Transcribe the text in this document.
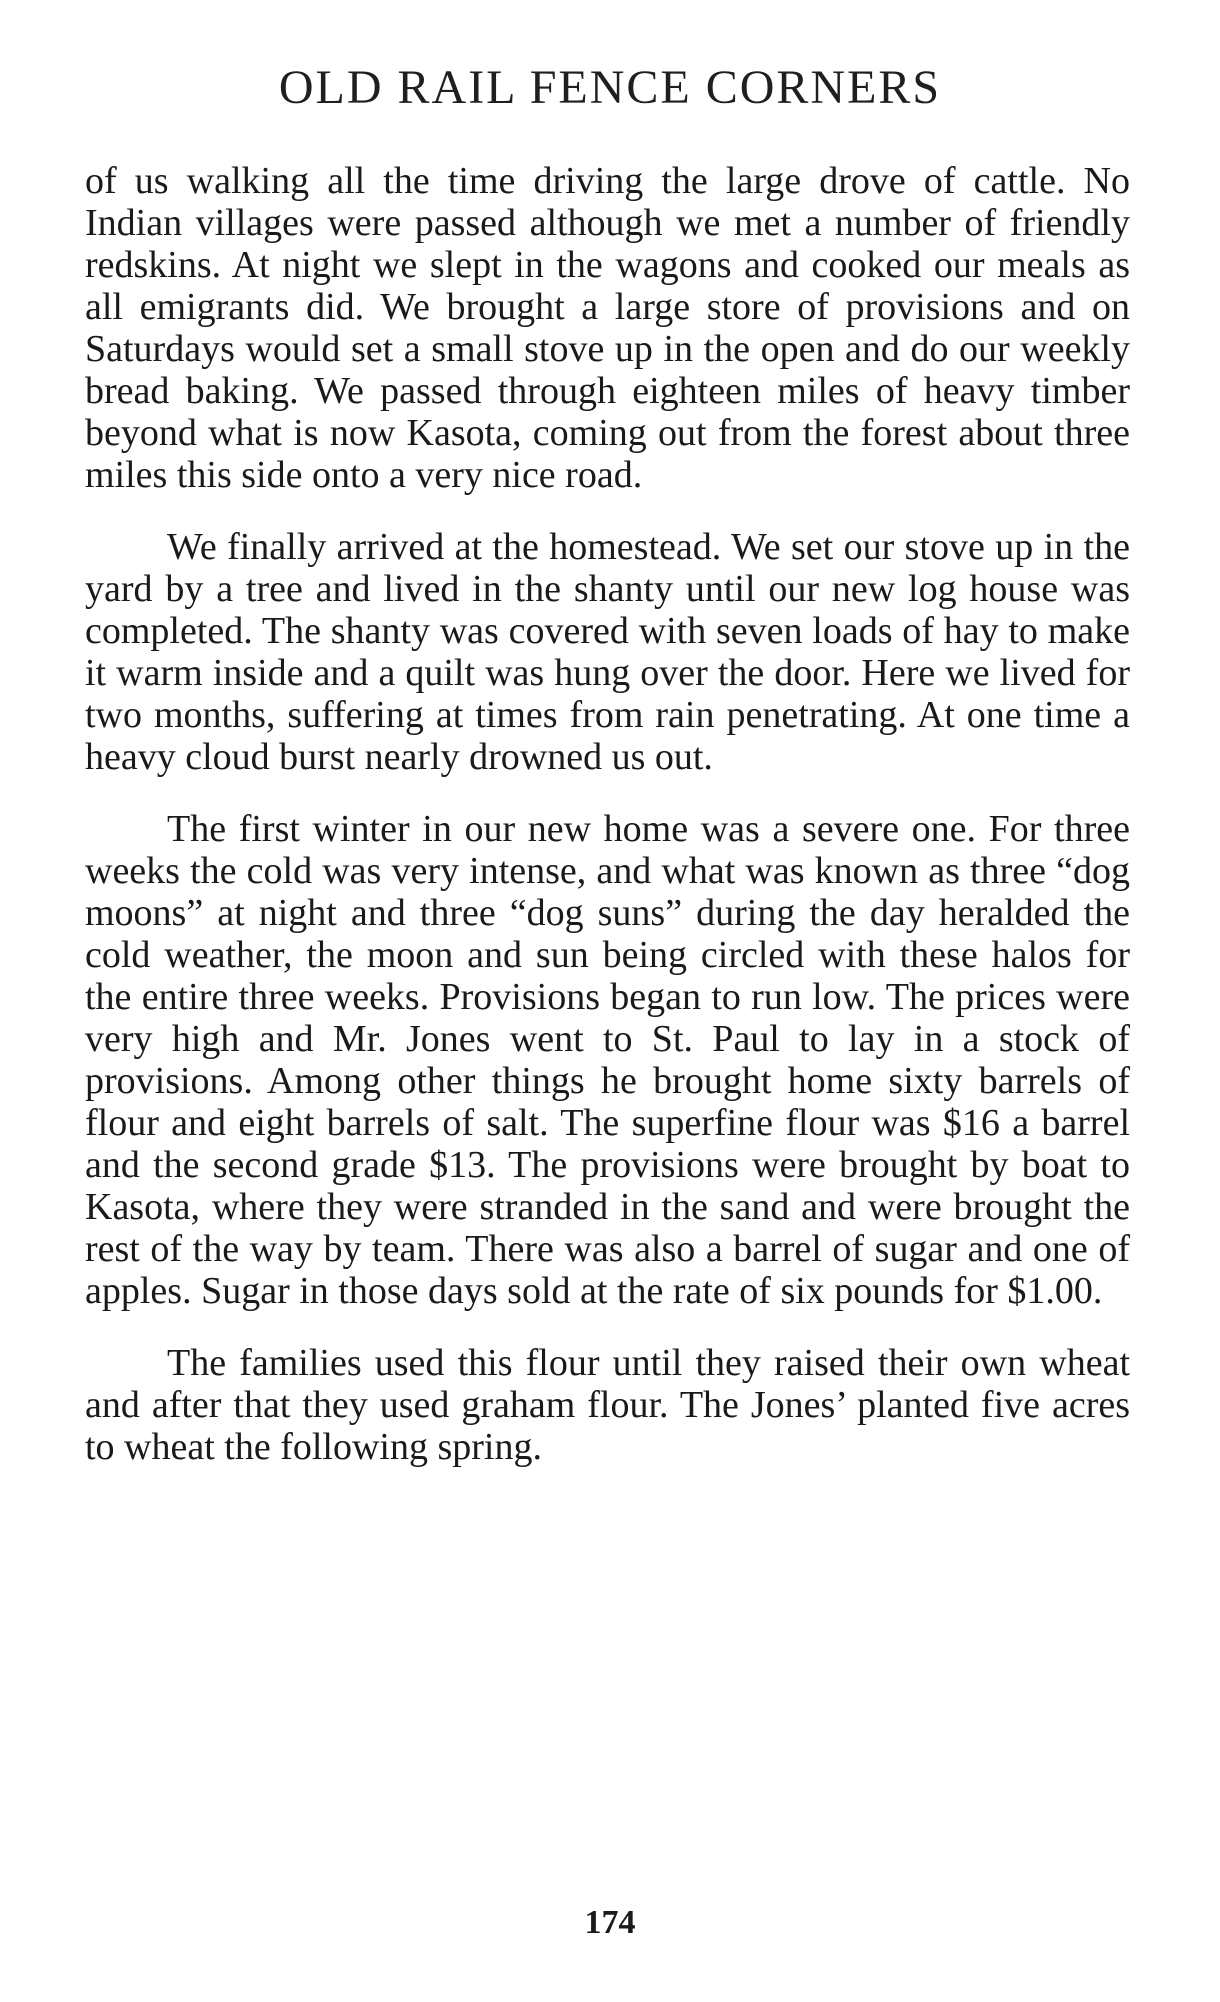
OLD RAIL FENCE CORNERS

of us walking all the time driving the large drove of cattle. No Indian villages were passed although we met a number of friendly redskins. At night we slept in the wagons and cooked our meals as all emigrants did. We brought a large store of provisions and on Saturdays would set a small stove up in the open and do our weekly bread baking. We passed through eighteen miles of heavy timber beyond what is now Kasota, coming out from the forest about three miles this side onto a very nice road.

We finally arrived at the homestead. We set our stove up in the yard by a tree and lived in the shanty until our new log house was completed. The shanty was covered with seven loads of hay to make it warm inside and a quilt was hung over the door. Here we lived for two months, suffering at times from rain penetrating. At one time a heavy cloud burst nearly drowned us out.

The first winter in our new home was a severe one. For three weeks the cold was very intense, and what was known as three “dog moons” at night and three “dog suns” during the day heralded the cold weather, the moon and sun being circled with these halos for the entire three weeks. Provisions began to run low. The prices were very high and Mr. Jones went to St. Paul to lay in a stock of provisions. Among other things he brought home sixty barrels of flour and eight barrels of salt. The superfine flour was $16 a barrel and the second grade $13. The provisions were brought by boat to Kasota, where they were stranded in the sand and were brought the rest of the way by team. There was also a barrel of sugar and one of apples. Sugar in those days sold at the rate of six pounds for $1.00.

The families used this flour until they raised their own wheat and after that they used graham flour. The Jones’ planted five acres to wheat the following spring.

174
